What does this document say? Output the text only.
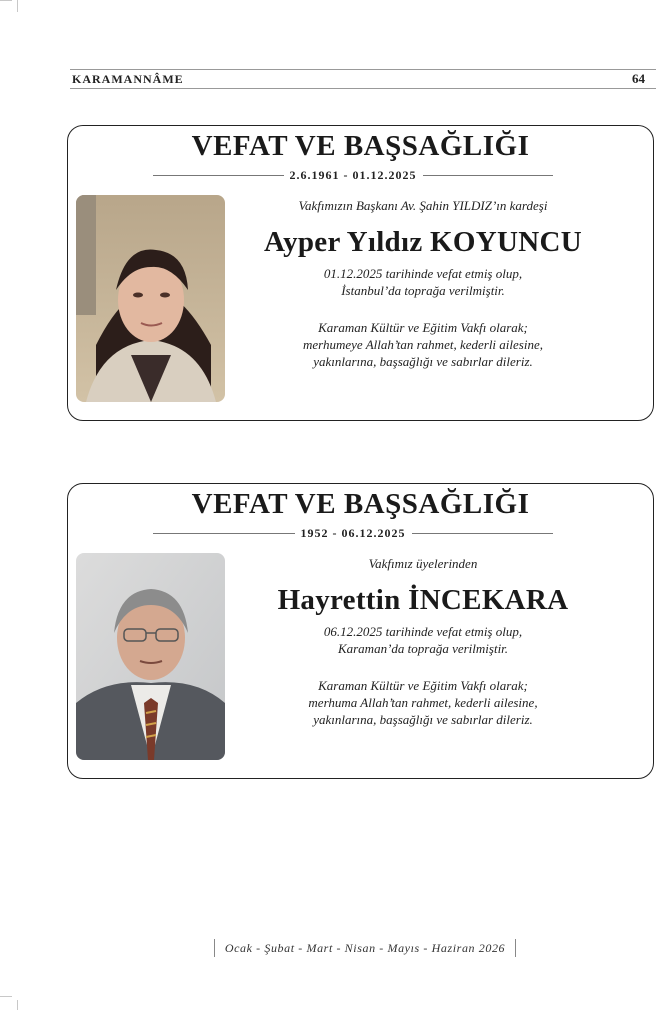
KARAMANNÂME	64
VEFAT VE BAŞSAĞLIĞI
2.6.1961 - 01.12.2025
Vakfımızın Başkanı Av. Şahin YILDIZ’ın kardeşi
Ayper Yıldız KOYUNCU
01.12.2025 tarihinde vefat etmiş olup,
İstanbul’da toprağa verilmiştir.
Karaman Kültür ve Eğitim Vakfı olarak;
merhumeye Allah’tan rahmet, kederli ailesine,
yakınlarına, başsağlığı ve sabırlar dileriz.
VEFAT VE BAŞSAĞLIĞI
1952 - 06.12.2025
Vakfımız üyelerinden
Hayrettin İNCEKARA
06.12.2025 tarihinde vefat etmiş olup,
Karaman’da toprağa verilmiştir.
Karaman Kültür ve Eğitim Vakfı olarak;
merhuma Allah’tan rahmet, kederli ailesine,
yakınlarına, başsağlığı ve sabırlar dileriz.
Ocak - Şubat - Mart - Nisan - Mayıs - Haziran 2026
